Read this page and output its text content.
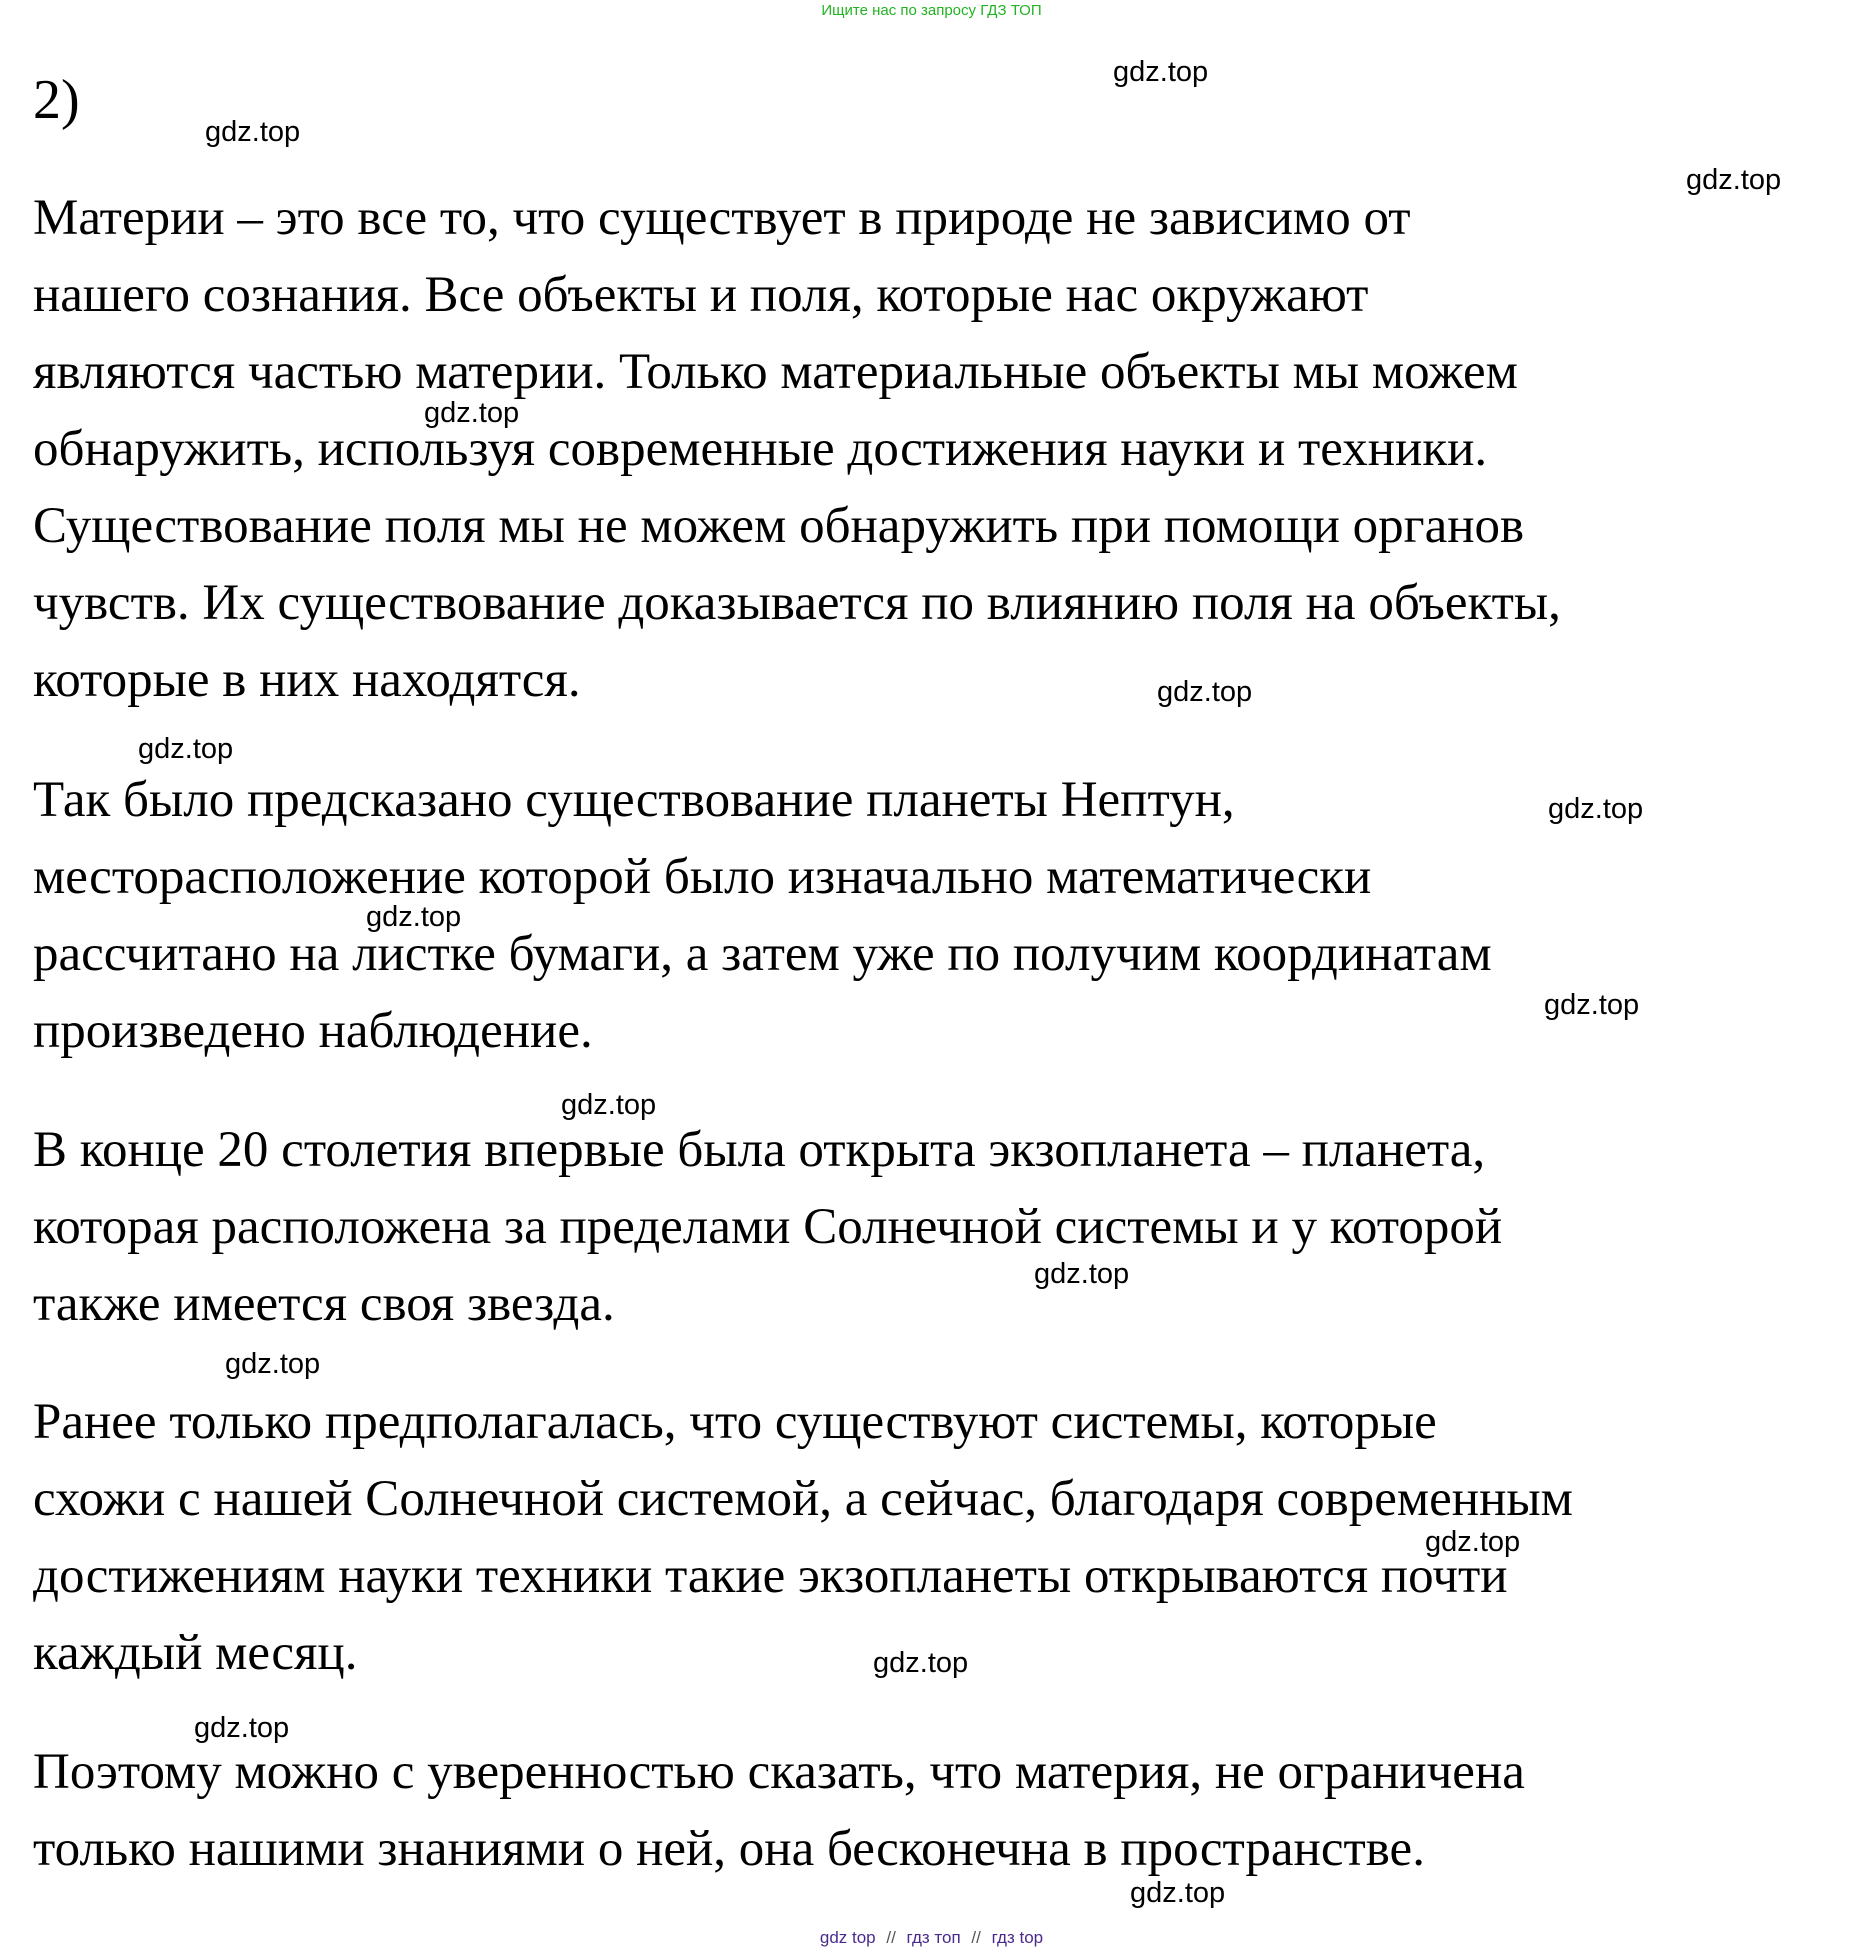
Ищите нас по запросу ГДЗ ТОП
2)

Материи – это все то, что существует в природе не зависимо от
нашего сознания. Все объекты и поля, которые нас окружают
являются частью материи. Только материальные объекты мы можем
обнаружить, используя современные достижения науки и техники.
Существование поля мы не можем обнаружить при помощи органов
чувств. Их существование доказывается по влиянию поля на объекты,
которые в них находятся.

Так было предсказано существование планеты Нептун,
месторасположение которой было изначально математически
рассчитано на листке бумаги, а затем уже по получим координатам
произведено наблюдение.

В конце 20 столетия впервые была открыта экзопланета – планета,
которая расположена за пределами Солнечной системы и у которой
также имеется своя звезда.

Ранее только предполагалась, что существуют системы, которые
схожи с нашей Солнечной системой, а сейчас, благодаря современным
достижениям науки техники такие экзопланеты открываются почти
каждый месяц.

Поэтому можно с уверенностью сказать, что материя, не ограничена
только нашими знаниями о ней, она бесконечна в пространстве.

gdz.top
gdz.top
gdz.top
gdz.top
gdz.top
gdz.top
gdz.top
gdz.top
gdz.top
gdz.top
gdz.top
gdz.top
gdz.top
gdz.top
gdz.top
gdz.top
gdz top // гдз топ // гдз top
